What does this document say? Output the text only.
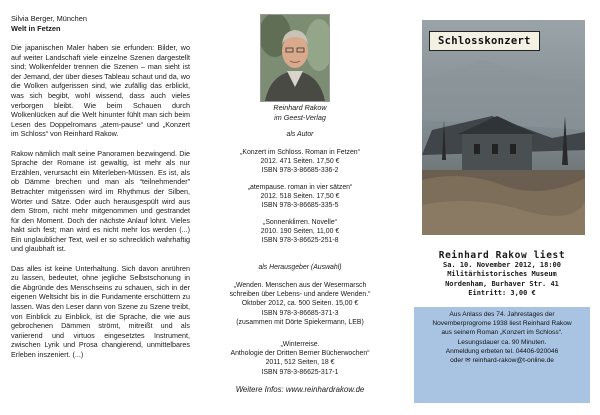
Silvia Berger, München
Welt in Fetzen

Die japanischen Maler haben sie erfunden: Bilder, wo auf weiter Landschaft viele einzelne Szenen dargestellt sind; Wolkenfelder trennen die Szenen – man sieht ist der Jemand, der über dieses Tableau schaut und da, wo die Wolken aufgerissen sind, wie zufällig das erblickt, was sich begibt, wohl wissend, dass auch vieles verborgen bleibt. Wie beim Schauen durch Wolkenlücken auf die Welt hinunter fühlt man sich beim Lesen des Doppelromans „atem-pause“ und „Konzert im Schloss“ von Reinhard Rakow.

Rakow nämlich malt seine Panoramen bezwingend. Die Sprache der Romane ist gewaltig, ist mehr als nur Erzählen, verursacht ein Miterleben-Müssen. Es ist, als ob Dämme brechen und man als “teilnehmender” Betrachter mitgerissen wird im Rhythmus der Silben, Wörter und Sätze. Oder auch herausgespült wird aus dem Strom, nicht mehr mitgenommen und gestrandet für den Moment. Doch der nächste Anlauf lohnt. Vieles hakt sich fest; man wird es nicht mehr los werden (...) Ein unglaublicher Text, weil er so schrecklich wahrhaftig und glaubhaft ist.

Das alles ist keine Unterhaltung. Sich davon anrühren zu lassen, bedeutet, ohne jegliche Selbstschonung in die Abgründe des Menschseins zu schauen, sich in der eigenen Weltsicht bis in die Fundamente erschüttern zu lassen. Was den Leser dann von Szene zu Szene treibt, von Einblick zu Einblick, ist die Sprache, die wie aus gebrochenen Dämmen strömt, mitreißt und als variierend und virtuos eingesetztes Instrument, zwischen Lyrik und Prosa changierend, unmittelbares Erleben inszeniert. (...)

Reinhard Rakow
im Geest-Verlag
als Autor
„Konzert im Schloss. Roman in Fetzen“
2012. 471 Seiten. 17,50 €
ISBN 978-3-86685-336-2
„atempause. roman in vier sätzen“
2012. 518 Seiten. 17,50 €
ISBN 978-3-86685-335-5
„Sonnenklirren. Novelle“
2010. 190 Seiten, 11,00 €
ISBN 978-3-86625-251-8
als Herausgeber (Auswahl)
„Wenden. Menschen aus der Wesermarsch
schreiben über Lebens- und andere Wenden.“
Oktober 2012, ca. 500 Seiten. 15,00 €
ISBN 978-3-86685-371-3
(zusammen mit Dörte Spiekermann, LEB)
„Winterreise.
Anthologie der Dritten Berner Bücherwochen“
2011, 512 Seiten, 18 €
ISBN 978-3-86625-317-1
Weitere Infos: www.reinhardrakow.de
Schlosskonzert
Reinhard Rakow liest
Sa. 10. November 2012, 18:00
Militärhistorisches Museum
Nordenham, Burhaver Str. 41
Eintritt: 3,00 €
Aus Anlass des 74. Jahrestages der
Novemberprogrome 1938 liest Reinhard Rakow
aus seinem Roman „Konzert im Schloss“.
Lesungsdauer ca. 90 Minuten.
Anmeldung erbeten tel. 04406-920046
oder ✉ reinhard-rakow@t-online.de
